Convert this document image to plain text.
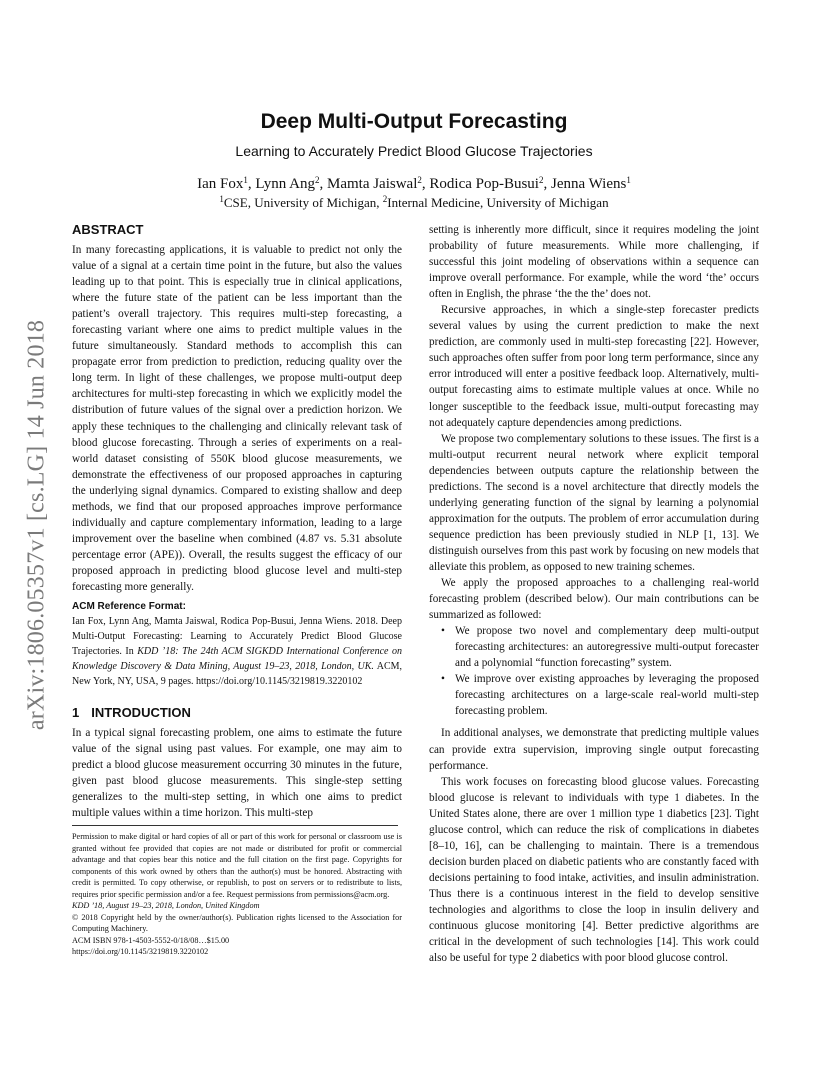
arXiv:1806.05357v1 [cs.LG] 14 Jun 2018
Deep Multi-Output Forecasting
Learning to Accurately Predict Blood Glucose Trajectories
Ian Fox$^1$, Lynn Ang$^2$, Mamta Jaiswal$^2$, Rodica Pop-Busui$^2$, Jenna Wiens$^1$
$^1$CSE, University of Michigan, $^2$Internal Medicine, University of Michigan
ABSTRACT

In many forecasting applications, it is valuable to predict not only the value of a signal at a certain time point in the future, but also the values leading up to that point. This is especially true in clinical applications, where the future state of the patient can be less important than the patient’s overall trajectory. This requires multi-step forecasting, a forecasting variant where one aims to predict multiple values in the future simultaneously. Standard methods to accomplish this can propagate error from prediction to prediction, reducing quality over the long term. In light of these challenges, we propose multi-output deep architectures for multi-step forecasting in which we explicitly model the distribution of future values of the signal over a prediction horizon. We apply these techniques to the challenging and clinically relevant task of blood glucose forecasting. Through a series of experiments on a real-world dataset consisting of 550K blood glucose measurements, we demonstrate the effectiveness of our proposed approaches in capturing the underlying signal dynamics. Compared to existing shallow and deep methods, we find that our proposed approaches improve performance individually and capture complementary information, leading to a large improvement over the baseline when combined (4.87 vs. 5.31 absolute percentage error (APE)). Overall, the results suggest the efficacy of our proposed approach in predicting blood glucose level and multi-step forecasting more generally.

ACM Reference Format:

Ian Fox, Lynn Ang, Mamta Jaiswal, Rodica Pop-Busui, Jenna Wiens. 2018. Deep Multi-Output Forecasting: Learning to Accurately Predict Blood Glucose Trajectories. In KDD ’18: The 24th ACM SIGKDD International Conference on Knowledge Discovery & Data Mining, August 19–23, 2018, London, UK. ACM, New York, NY, USA, 9 pages. https://doi.org/10.1145/3219819.3220102

1 INTRODUCTION

In a typical signal forecasting problem, one aims to estimate the future value of the signal using past values. For example, one may aim to predict a blood glucose measurement occurring 30 minutes in the future, given past blood glucose measurements. This single-step setting generalizes to the multi-step setting, in which one aims to predict multiple values within a time horizon. This multi-step

Permission to make digital or hard copies of all or part of this work for personal or classroom use is granted without fee provided that copies are not made or distributed for profit or commercial advantage and that copies bear this notice and the full citation on the first page. Copyrights for components of this work owned by others than the author(s) must be honored. Abstracting with credit is permitted. To copy otherwise, or republish, to post on servers or to redistribute to lists, requires prior specific permission and/or a fee. Request permissions from permissions@acm.org.

KDD ’18, August 19–23, 2018, London, United Kingdom

© 2018 Copyright held by the owner/author(s). Publication rights licensed to the Association for Computing Machinery.

ACM ISBN 978-1-4503-5552-0/18/08…$15.00
https://doi.org/10.1145/3219819.3220102

setting is inherently more difficult, since it requires modeling the joint probability of future measurements. While more challenging, if successful this joint modeling of observations within a sequence can improve overall performance. For example, while the word ‘the’ occurs often in English, the phrase ‘the the the’ does not.

Recursive approaches, in which a single-step forecaster predicts several values by using the current prediction to make the next prediction, are commonly used in multi-step forecasting [22]. However, such approaches often suffer from poor long term performance, since any error introduced will enter a positive feedback loop. Alternatively, multi-output forecasting aims to estimate multiple values at once. While no longer susceptible to the feedback issue, multi-output forecasting may not adequately capture dependencies among predictions.

We propose two complementary solutions to these issues. The first is a multi-output recurrent neural network where explicit temporal dependencies between outputs capture the relationship between the predictions. The second is a novel architecture that directly models the underlying generating function of the signal by learning a polynomial approximation for the outputs. The problem of error accumulation during sequence prediction has been previously studied in NLP [1, 13]. We distinguish ourselves from this past work by focusing on new models that alleviate this problem, as opposed to new training schemes.

We apply the proposed approaches to a challenging real-world forecasting problem (described below). Our main contributions can be summarized as followed:

• We propose two novel and complementary deep multi-output forecasting architectures: an autoregressive multi-output forecaster and a polynomial “function forecasting” system.
• We improve over existing approaches by leveraging the proposed forecasting architectures on a large-scale real-world multi-step forecasting problem.

In additional analyses, we demonstrate that predicting multiple values can provide extra supervision, improving single output forecasting performance.

This work focuses on forecasting blood glucose values. Forecasting blood glucose is relevant to individuals with type 1 diabetes. In the United States alone, there are over 1 million type 1 diabetics [23]. Tight glucose control, which can reduce the risk of complications in diabetes [8–10, 16], can be challenging to maintain. There is a tremendous decision burden placed on diabetic patients who are constantly faced with decisions pertaining to food intake, activities, and insulin administration. Thus there is a continuous interest in the field to develop sensitive technologies and algorithms to close the loop in insulin delivery and continuous glucose monitoring [4]. Better predictive algorithms are critical in the development of such technologies [14]. This work could also be useful for type 2 diabetics with poor blood glucose control.
